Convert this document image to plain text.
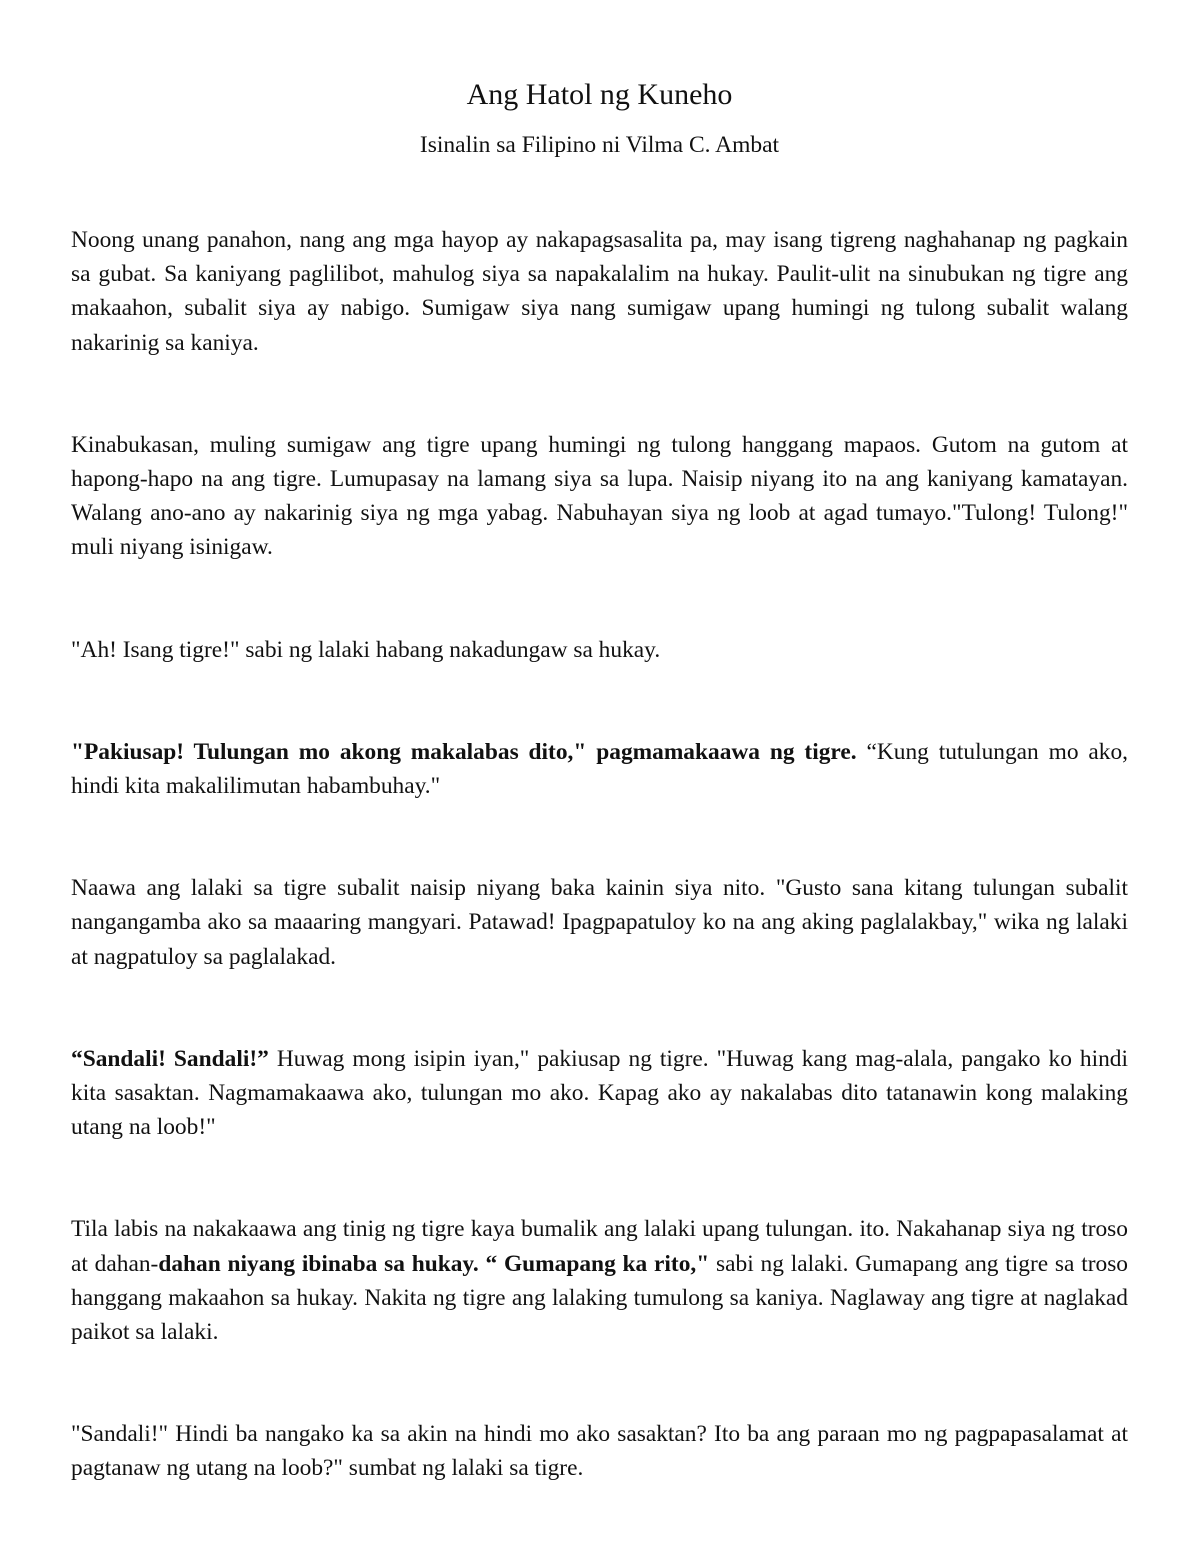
Ang Hatol ng Kuneho

Isinalin sa Filipino ni Vilma C. Ambat

Noong unang panahon, nang ang mga hayop ay nakapagsasalita pa, may isang tigreng naghahanap ng pagkain sa gubat. Sa kaniyang paglilibot, mahulog siya sa napakalalim na hukay. Paulit-ulit na sinubukan ng tigre ang makaahon, subalit siya ay nabigo. Sumigaw siya nang sumigaw upang humingi ng tulong subalit walang nakarinig sa kaniya.

Kinabukasan, muling sumigaw ang tigre upang humingi ng tulong hanggang mapaos. Gutom na gutom at hapong-hapo na ang tigre. Lumupasay na lamang siya sa lupa. Naisip niyang ito na ang kaniyang kamatayan. Walang ano-ano ay nakarinig siya ng mga yabag. Nabuhayan siya ng loob at agad tumayo."Tulong! Tulong!" muli niyang isinigaw.

"Ah! Isang tigre!" sabi ng lalaki habang nakadungaw sa hukay.

"Pakiusap! Tulungan mo akong makalabas dito," pagmamakaawa ng tigre. “Kung tutulungan mo ako, hindi kita makalilimutan habambuhay."

Naawa ang lalaki sa tigre subalit naisip niyang baka kainin siya nito. "Gusto sana kitang tulungan subalit nangangamba ako sa maaaring mangyari. Patawad! Ipagpapatuloy ko na ang aking paglalakbay," wika ng lalaki at nagpatuloy sa paglalakad.

“Sandali! Sandali!” Huwag mong isipin iyan," pakiusap ng tigre. "Huwag kang mag-alala, pangako ko hindi kita sasaktan. Nagmamakaawa ako, tulungan mo ako. Kapag ako ay nakalabas dito tatanawin kong malaking utang na loob!"

Tila labis na nakakaawa ang tinig ng tigre kaya bumalik ang lalaki upang tulungan. ito. Nakahanap siya ng troso at dahan-dahan niyang ibinaba sa hukay. “ Gumapang ka rito," sabi ng lalaki. Gumapang ang tigre sa troso hanggang makaahon sa hukay. Nakita ng tigre ang lalaking tumulong sa kaniya. Naglaway ang tigre at naglakad paikot sa lalaki.

"Sandali!" Hindi ba nangako ka sa akin na hindi mo ako sasaktan? Ito ba ang paraan mo ng pagpapasalamat at pagtanaw ng utang na loob?" sumbat ng lalaki sa tigre.
